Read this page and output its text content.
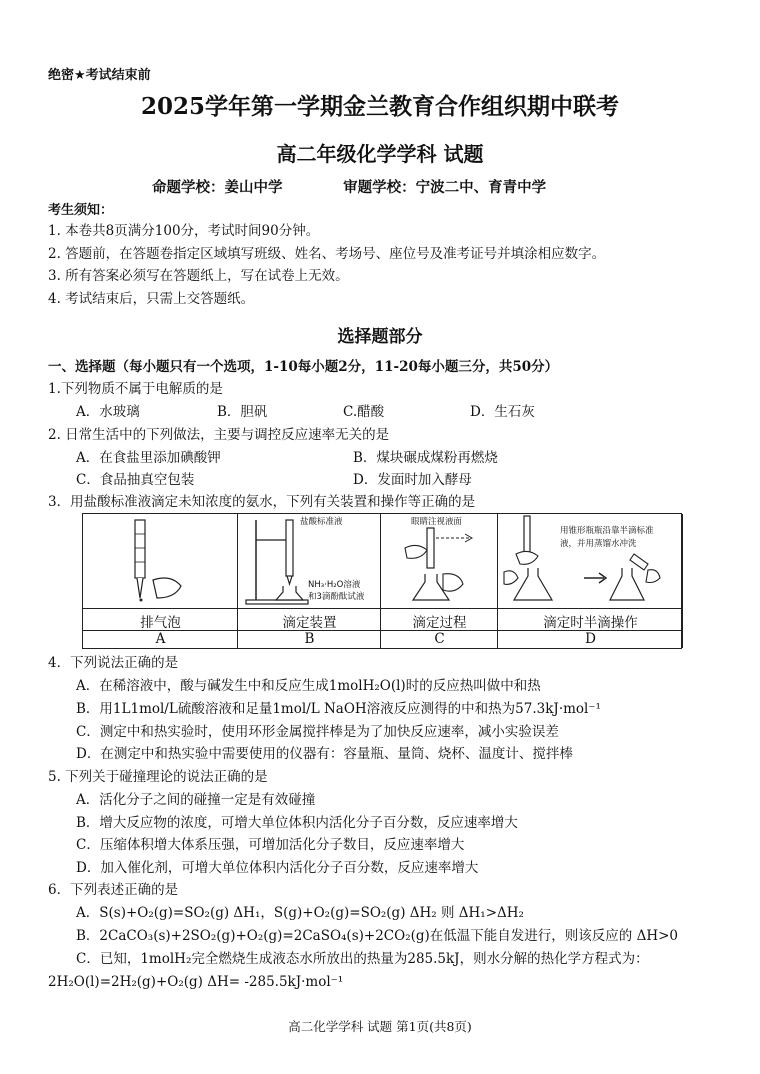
绝密★考试结束前
2025学年第一学期金兰教育合作组织期中联考
高二年级化学学科 试题
命题学校：姜山中学            审题学校：宁波二中、育青中学
考生须知：
1. 本卷共8页满分100分，考试时间90分钟。
2. 答题前，在答题卷指定区域填写班级、姓名、考场号、座位号及准考证号并填涂相应数字。
3. 所有答案必须写在答题纸上，写在试卷上无效。
4. 考试结束后，只需上交答题纸。
选择题部分
一、选择题（每小题只有一个选项，1-10每小题2分，11-20每小题三分，共50分）
1.下列物质不属于电解质的是
A．水玻璃	B．胆矾	C.醋酸	D．生石灰
2. 日常生活中的下列做法，主要与调控反应速率无关的是
A．在食盐里添加碘酸钾	B．煤块碾成煤粉再燃烧
C．食品抽真空包装	D．发面时加入酵母
3．用盐酸标准液滴定未知浓度的氨水，下列有关装置和操作等正确的是
盐酸标准液
NH₃·H₂O溶液
和3滴酚酞试液
眼睛注视液面
用锥形瓶瓶沿靠半滴标准
液，并用蒸馏水冲洗
排气泡	滴定装置	滴定过程	滴定时半滴操作
A	B	C	D
4．下列说法正确的是
A．在稀溶液中，酸与碱发生中和反应生成1molH₂O(l)时的反应热叫做中和热
B．用1L1mol/L硫酸溶液和足量1mol/L NaOH溶液反应测得的中和热为57.3kJ·mol⁻¹
C．测定中和热实验时，使用环形金属搅拌棒是为了加快反应速率，减小实验误差
D．在测定中和热实验中需要使用的仪器有：容量瓶、量筒、烧杯、温度计、搅拌棒
5. 下列关于碰撞理论的说法正确的是
A．活化分子之间的碰撞一定是有效碰撞
B．增大反应物的浓度，可增大单位体积内活化分子百分数，反应速率增大
C．压缩体积增大体系压强，可增加活化分子数目，反应速率增大
D．加入催化剂，可增大单位体积内活化分子百分数，反应速率增大
6．下列表述正确的是
A．S(s)+O₂(g)=SO₂(g) ΔH₁，S(g)+O₂(g)=SO₂(g) ΔH₂ 则 ΔH₁>ΔH₂
B．2CaCO₃(s)+2SO₂(g)+O₂(g)=2CaSO₄(s)+2CO₂(g)在低温下能自发进行，则该反应的 ΔH>0
C．已知，1molH₂完全燃烧生成液态水所放出的热量为285.5kJ，则水分解的热化学方程式为：
2H₂O(l)=2H₂(g)+O₂(g) ΔH= -285.5kJ·mol⁻¹
高二化学学科 试题 第1页(共8页)
